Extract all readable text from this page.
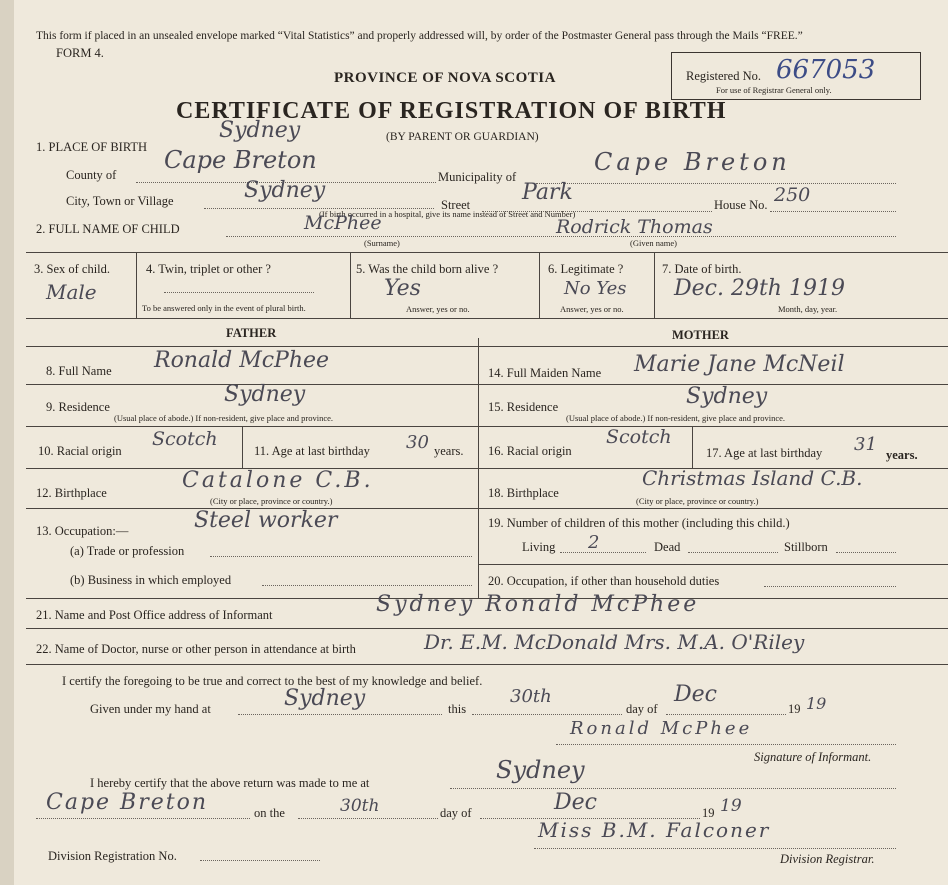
This form if placed in an unsealed envelope marked “Vital Statistics” and properly addressed will, by order of the Postmaster General pass through the Mails “FREE.”
FORM 4.
PROVINCE OF NOVA SCOTIA	Registered No. 667053
For use of Registrar General only.
CERTIFICATE OF REGISTRATION OF BIRTH
(BY PARENT OR GUARDIAN)
1. PLACE OF BIRTH
Sydney
County of
Cape Breton
Municipality of
Cape Breton
City, Town or Village	Sydney
Street Park	House No. 250
(If birth occurred in a hospital, give its name instead of Street and Number)
2. FULL NAME OF CHILD	McPhee	Rodrick Thomas
(Surname)	(Given name)
3. Sex of child.
Male
4. Twin, triplet or other ?
To be answered only in the event of plural birth.
5. Was the child born alive ?
Yes
Answer, yes or no.
6. Legitimate ?
No Yes
Answer, yes or no.
7. Date of birth.
Dec. 29th 1919
Month, day, year.
FATHER	MOTHER
8. Full Name Ronald McPhee
9. Residence	Sydney
(Usual place of abode.) If non-resident, give place and province.
10. Racial origin
Scotch
11. Age at last birthday 30 years.
12. Birthplace	Catalone C.B.
(City or place, province or country.)
13. Occupation:—	Steel worker
(a) Trade or profession
(b) Business in which employed
14. Full Maiden Name Marie Jane McNeil
15. Residence	Sydney
(Usual place of abode.) If non-resident, give place and province.
16. Racial origin
Scotch
17. Age at last birthday 31 years.
18. Birthplace
Christmas Island C.B.
(City or place, province or country.)
19. Number of children of this mother (including this child.)
Living 2	Dead	Stillborn
20. Occupation, if other than household duties
21. Name and Post Office address of Informant	Sydney Ronald McPhee
22. Name of Doctor, nurse or other person in attendance at birth	Dr. E.M. McDonald Mrs. M.A. O'Riley
I certify the foregoing to be true and correct to the best of my knowledge and belief.
Given under my hand at	Sydney	this
30th
day of
Dec
19 19
Ronald McPhee
Signature of Informant.
I hereby certify that the above return was made to me at	Sydney
Cape Breton	on the	30th	day of	Dec	19 19
Division Registration No.
Miss B.M. Falconer
Division Registrar.
